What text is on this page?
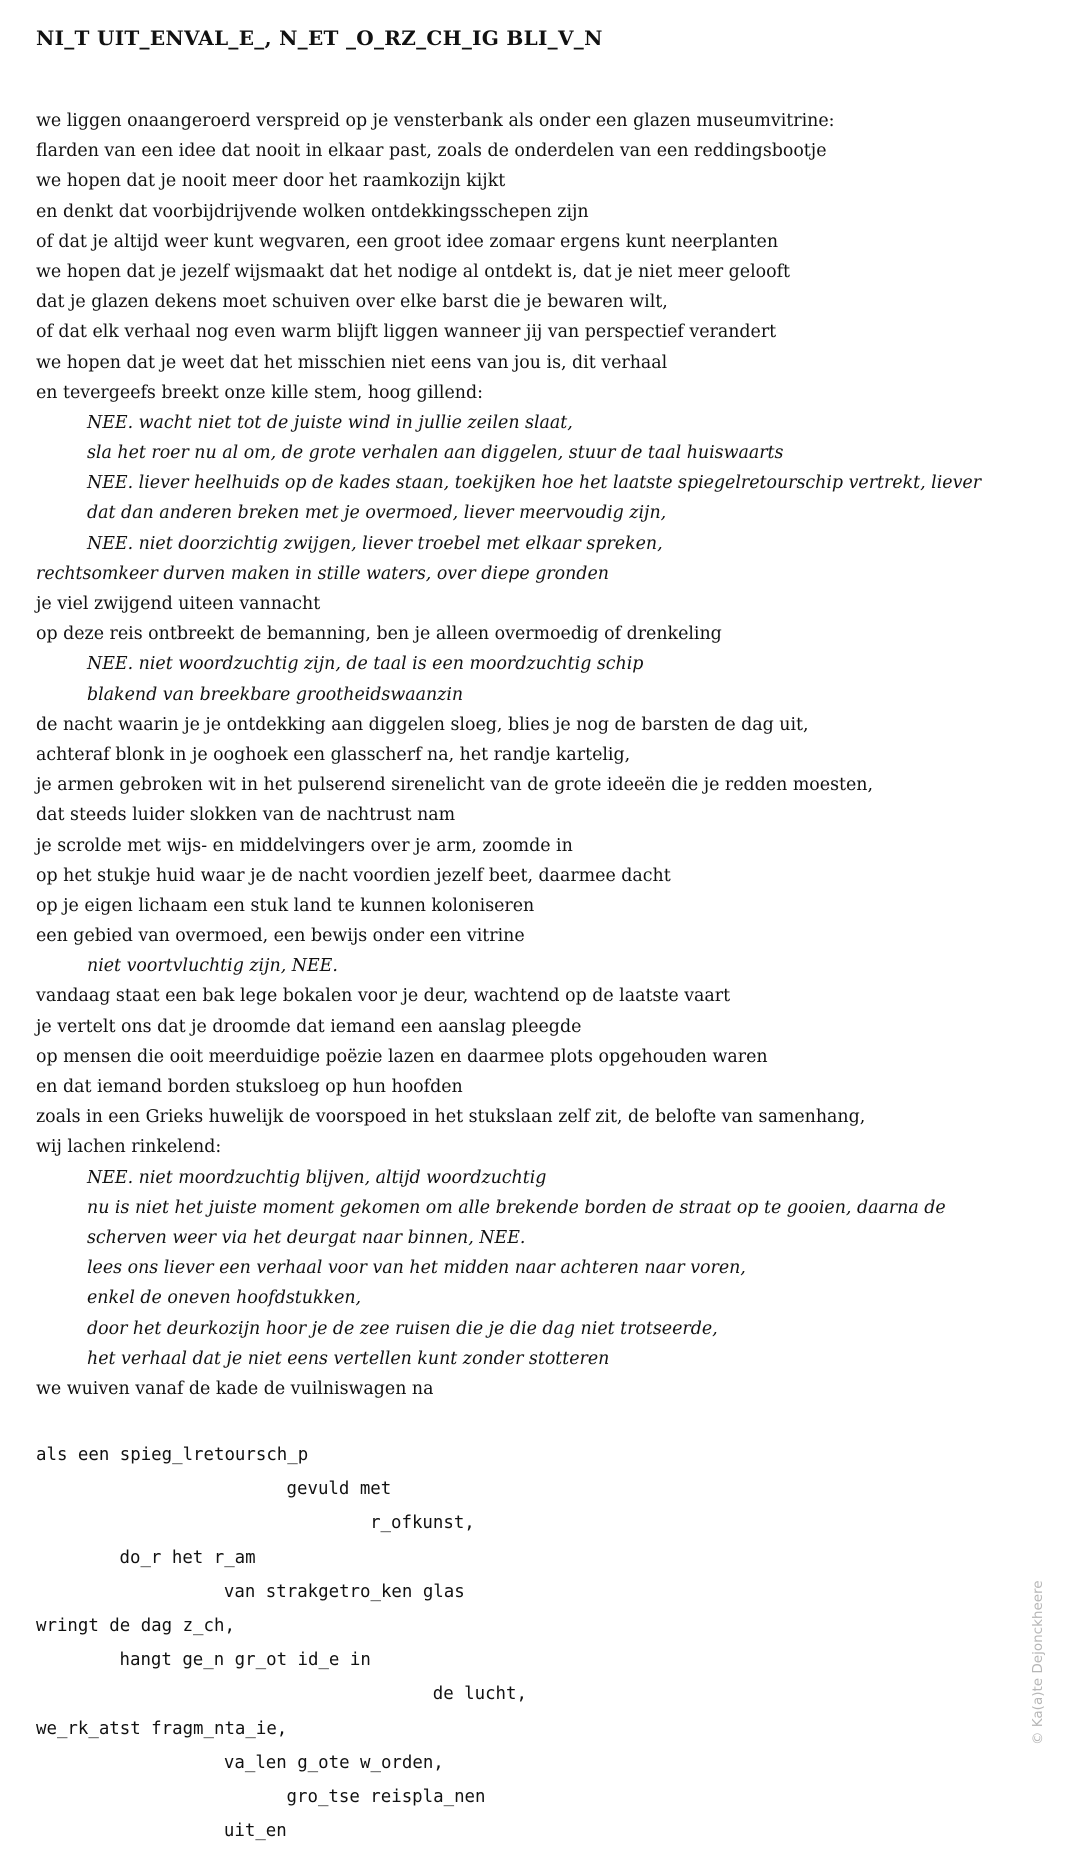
NI_T UIT_ENVAL_E_, N_ET _O_RZ_CH_IG BLI_V_N
we liggen onaangeroerd verspreid op je vensterbank als onder een glazen museumvitrine:
flarden van een idee dat nooit in elkaar past, zoals de onderdelen van een reddingsbootje
we hopen dat je nooit meer door het raamkozijn kijkt
en denkt dat voorbijdrijvende wolken ontdekkingsschepen zijn
of dat je altijd weer kunt wegvaren, een groot idee zomaar ergens kunt neerplanten
we hopen dat je jezelf wijsmaakt dat het nodige al ontdekt is, dat je niet meer gelooft
dat je glazen dekens moet schuiven over elke barst die je bewaren wilt,
of dat elk verhaal nog even warm blijft liggen wanneer jij van perspectief verandert
we hopen dat je weet dat het misschien niet eens van jou is, dit verhaal
en tevergeefs breekt onze kille stem, hoog gillend:
NEE. wacht niet tot de juiste wind in jullie zeilen slaat,
sla het roer nu al om, de grote verhalen aan diggelen, stuur de taal huiswaarts
NEE. liever heelhuids op de kades staan, toekijken hoe het laatste spiegelretourschip vertrekt, liever
dat dan anderen breken met je overmoed, liever meervoudig zijn,
NEE. niet doorzichtig zwijgen, liever troebel met elkaar spreken,
rechtsomkeer durven maken in stille waters, over diepe gronden
je viel zwijgend uiteen vannacht
op deze reis ontbreekt de bemanning, ben je alleen overmoedig of drenkeling
NEE. niet woordzuchtig zijn, de taal is een moordzuchtig schip
blakend van breekbare grootheidswaanzin
de nacht waarin je je ontdekking aan diggelen sloeg, blies je nog de barsten de dag uit,
achteraf blonk in je ooghoek een glasscherf na, het randje kartelig,
je armen gebroken wit in het pulserend sirenelicht van de grote ideeën die je redden moesten,
dat steeds luider slokken van de nachtrust nam
je scrolde met wijs- en middelvingers over je arm, zoomde in
op het stukje huid waar je de nacht voordien jezelf beet, daarmee dacht
op je eigen lichaam een stuk land te kunnen koloniseren
een gebied van overmoed, een bewijs onder een vitrine
niet voortvluchtig zijn, NEE.
vandaag staat een bak lege bokalen voor je deur, wachtend op de laatste vaart
je vertelt ons dat je droomde dat iemand een aanslag pleegde
op mensen die ooit meerduidige poëzie lazen en daarmee plots opgehouden waren
en dat iemand borden stuksloeg op hun hoofden
zoals in een Grieks huwelijk de voorspoed in het stukslaan zelf zit, de belofte van samenhang,
wij lachen rinkelend:
NEE. niet moordzuchtig blijven, altijd woordzuchtig
nu is niet het juiste moment gekomen om alle brekende borden de straat op te gooien, daarna de
scherven weer via het deurgat naar binnen, NEE.
lees ons liever een verhaal voor van het midden naar achteren naar voren,
enkel de oneven hoofdstukken,
door het deurkozijn hoor je de zee ruisen die je die dag niet trotseerde,
het verhaal dat je niet eens vertellen kunt zonder stotteren
we wuiven vanaf de kade de vuilniswagen na
als een spieg_lretoursch_p
gevuld met
r_ofkunst,
do_r het r_am
van strakgetro_ken glas
wringt de dag z_ch,
hangt ge_n gr_ot id_e in
de lucht,
we_rk_atst fragm_nta_ie,
va_len g_ote w_orden,
gro_tse reispla_nen
uit_en
© Ka(a)te Dejonckheere
